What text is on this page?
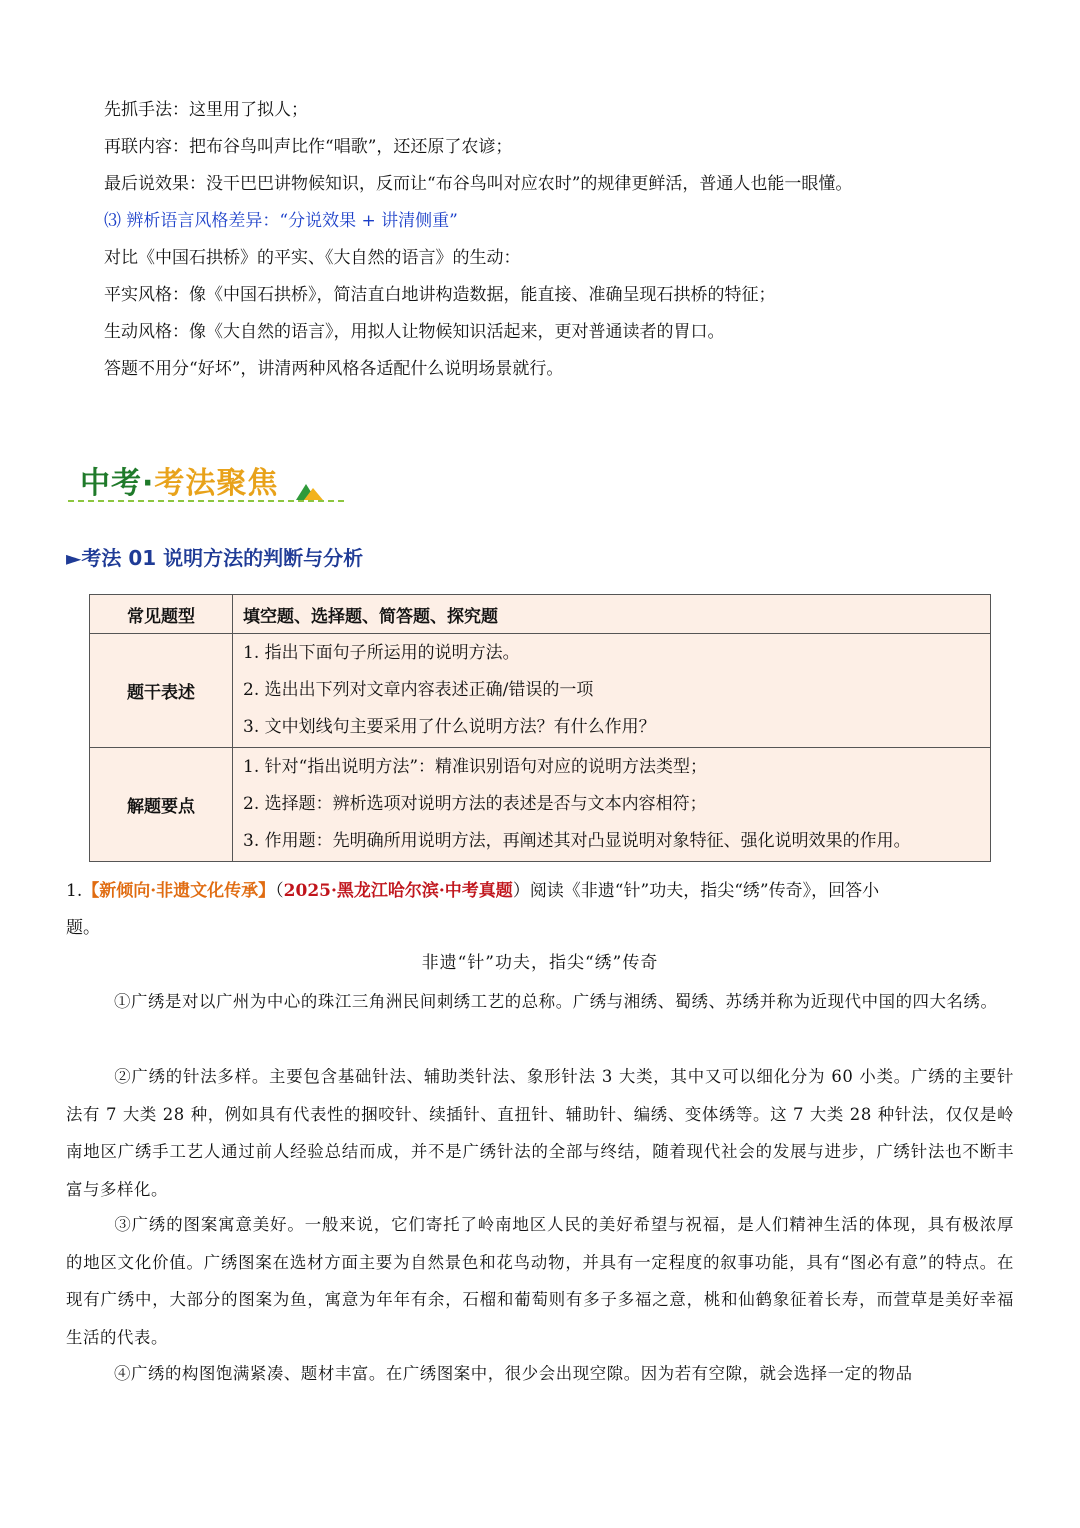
先抓手法：这里用了拟人；
再联内容：把布谷鸟叫声比作“唱歌”，还还原了农谚；
最后说效果：没干巴巴讲物候知识，反而让“布谷鸟叫对应农时”的规律更鲜活，普通人也能一眼懂。
⑶ 辨析语言风格差异：“分说效果 + 讲清侧重”
对比《中国石拱桥》的平实、《大自然的语言》的生动：
平实风格：像《中国石拱桥》，简洁直白地讲构造数据，能直接、准确呈现石拱桥的特征；
生动风格：像《大自然的语言》，用拟人让物候知识活起来，更对普通读者的胃口。
答题不用分“好坏”，讲清两种风格各适配什么说明场景就行。
中考·考法聚焦
►考法 01 说明方法的判断与分析
常见题型	填空题、选择题、简答题、探究题
题干表述	1. 指出下面句子所运用的说明方法。
2. 选出出下列对文章内容表述正确/错误的一项
3. 文中划线句主要采用了什么说明方法？有什么作用？

解题要点	1. 针对“指出说明方法”：精准识别语句对应的说明方法类型；
2. 选择题：辨析选项对说明方法的表述是否与文本内容相符；
3. 作用题：先明确所用说明方法，再阐述其对凸显说明对象特征、强化说明效果的作用。
1.【新倾向·非遗文化传承】（2025·黑龙江哈尔滨·中考真题）阅读《非遗“针”功夫，指尖“绣”传奇》，回答小
题。
非遗“针”功夫，指尖“绣”传奇
①广绣是对以广州为中心的珠江三角洲民间刺绣工艺的总称。广绣与湘绣、蜀绣、苏绣并称为近现代中国的四大名绣。
②广绣的针法多样。主要包含基础针法、辅助类针法、象形针法 3 大类，其中又可以细化分为 60 小类。广绣的主要针法有 7 大类 28 种，例如具有代表性的捆咬针、续插针、直扭针、辅助针、编绣、变体绣等。这 7 大类 28 种针法，仅仅是岭南地区广绣手工艺人通过前人经验总结而成，并不是广绣针法的全部与终结，随着现代社会的发展与进步，广绣针法也不断丰富与多样化。
③广绣的图案寓意美好。一般来说，它们寄托了岭南地区人民的美好希望与祝福，是人们精神生活的体现，具有极浓厚的地区文化价值。广绣图案在选材方面主要为自然景色和花鸟动物，并具有一定程度的叙事功能，具有“图必有意”的特点。在现有广绣中，大部分的图案为鱼，寓意为年年有余，石榴和葡萄则有多子多福之意，桃和仙鹤象征着长寿，而萱草是美好幸福生活的代表。
④广绣的构图饱满紧凑、题材丰富。在广绣图案中，很少会出现空隙。因为若有空隙，就会选择一定的物品
